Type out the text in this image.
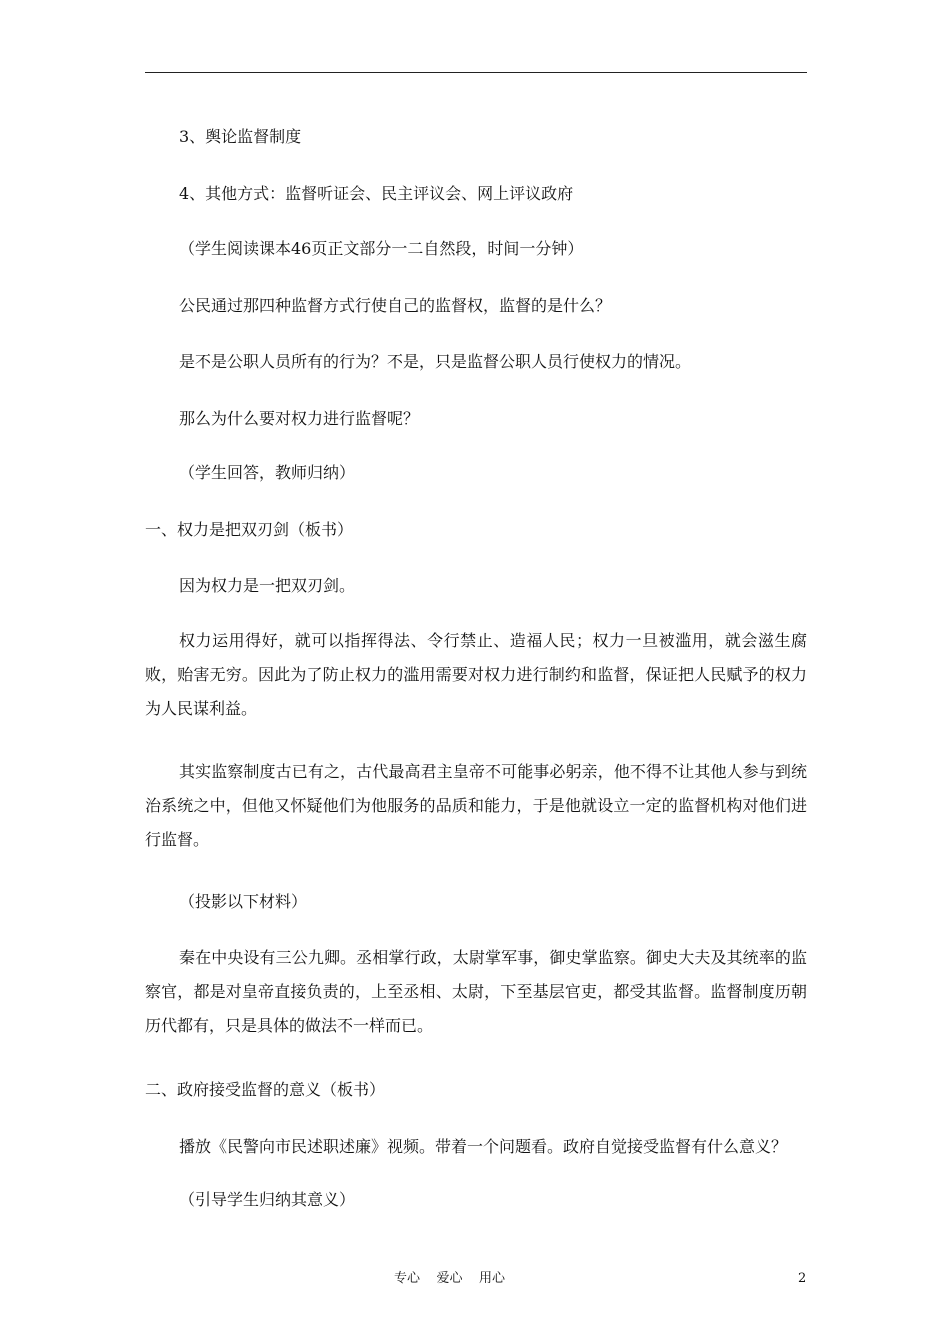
3、舆论监督制度
4、其他方式：监督听证会、民主评议会、网上评议政府
（学生阅读课本46页正文部分一二自然段，时间一分钟）
公民通过那四种监督方式行使自己的监督权，监督的是什么？
是不是公职人员所有的行为？不是，只是监督公职人员行使权力的情况。
那么为什么要对权力进行监督呢？
（学生回答，教师归纳）
一、权力是把双刃剑（板书）
因为权力是一把双刃剑。
权力运用得好，就可以指挥得法、令行禁止、造福人民；权力一旦被滥用，就会滋生腐败，贻害无穷。因此为了防止权力的滥用需要对权力进行制约和监督，保证把人民赋予的权力为人民谋利益。
其实监察制度古已有之，古代最高君主皇帝不可能事必躬亲，他不得不让其他人参与到统治系统之中，但他又怀疑他们为他服务的品质和能力，于是他就设立一定的监督机构对他们进行监督。
（投影以下材料）
秦在中央设有三公九卿。丞相掌行政，太尉掌军事，御史掌监察。御史大夫及其统率的监察官，都是对皇帝直接负责的，上至丞相、太尉，下至基层官吏，都受其监督。监督制度历朝历代都有，只是具体的做法不一样而已。
二、政府接受监督的意义（板书）
播放《民警向市民述职述廉》视频。带着一个问题看。政府自觉接受监督有什么意义？
（引导学生归纳其意义）
专心    爱心    用心	2
